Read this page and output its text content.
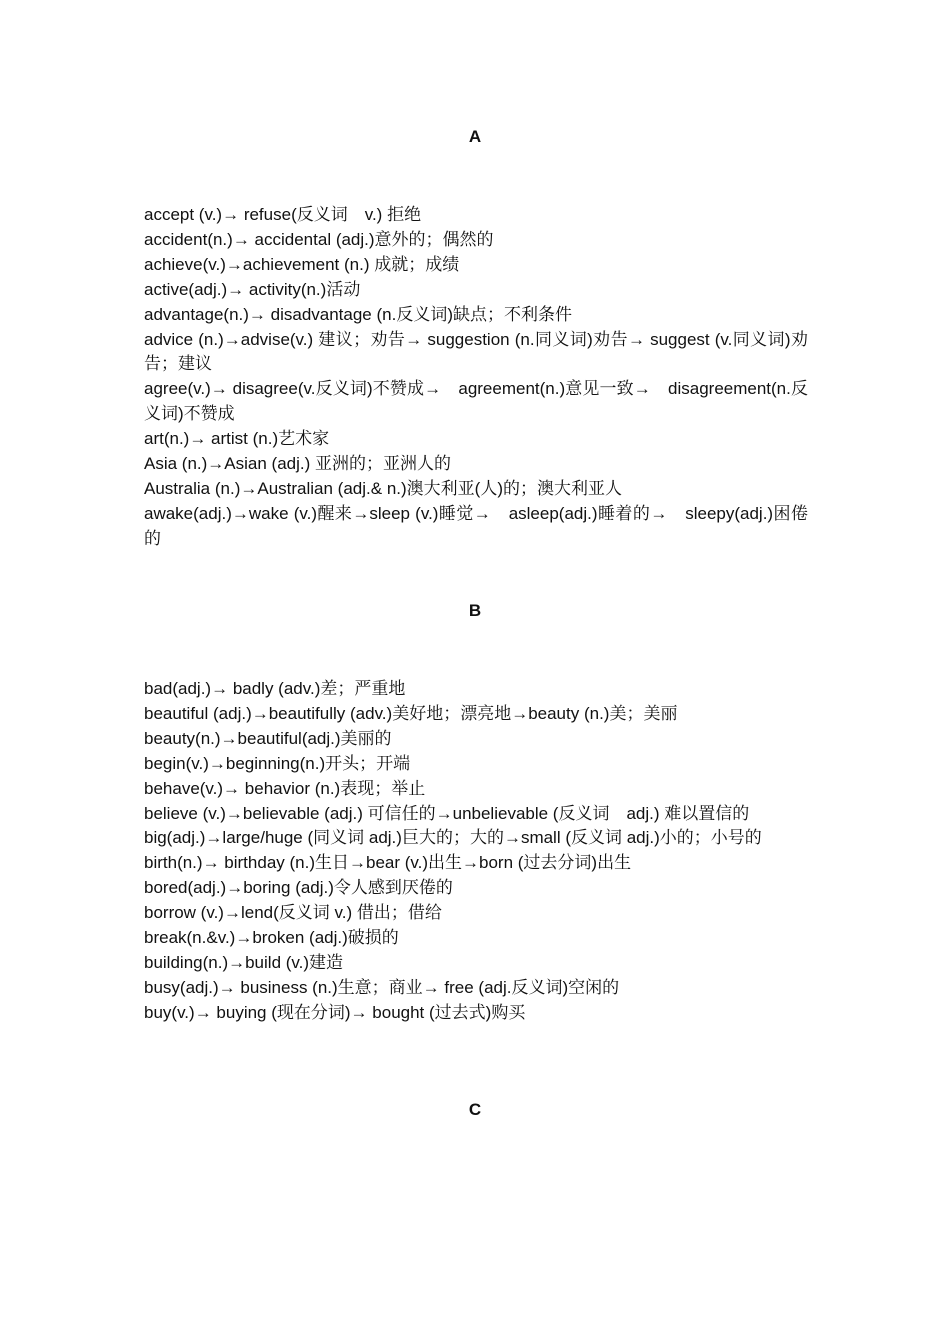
A

accept (v.)→ refuse(反义词　v.) 拒绝

accident(n.)→ accidental (adj.)意外的；偶然的

achieve(v.)→achievement (n.) 成就；成绩

active(adj.)→ activity(n.)活动

advantage(n.)→ disadvantage (n.反义词)缺点；不利条件

advice (n.)→advise(v.) 建议；劝告→ suggestion (n.同义词)劝告→ suggest (v.同义词)劝告；建议

agree(v.)→ disagree(v.反义词)不赞成→　agreement(n.)意见一致→　disagreement(n.反义词)不赞成

art(n.)→ artist (n.)艺术家

Asia (n.)→Asian (adj.) 亚洲的；亚洲人的

Australia (n.)→Australian (adj.& n.)澳大利亚(人)的；澳大利亚人

awake(adj.)→wake (v.)醒来→sleep (v.)睡觉→　asleep(adj.)睡着的→　sleepy(adj.)困倦的

B

bad(adj.)→ badly (adv.)差；严重地

beautiful (adj.)→beautifully (adv.)美好地；漂亮地→beauty (n.)美；美丽

beauty(n.)→beautiful(adj.)美丽的

begin(v.)→beginning(n.)开头；开端

behave(v.)→ behavior (n.)表现；举止

believe (v.)→believable (adj.) 可信任的→unbelievable (反义词　adj.) 难以置信的

big(adj.)→large/huge (同义词 adj.)巨大的；大的→small (反义词 adj.)小的；小号的

birth(n.)→ birthday (n.)生日→bear (v.)出生→born (过去分词)出生

bored(adj.)→boring (adj.)令人感到厌倦的

borrow (v.)→lend(反义词 v.) 借出；借给

break(n.&v.)→broken (adj.)破损的

building(n.)→build (v.)建造

busy(adj.)→ business (n.)生意；商业→ free (adj.反义词)空闲的

buy(v.)→ buying (现在分词)→ bought (过去式)购买

C
